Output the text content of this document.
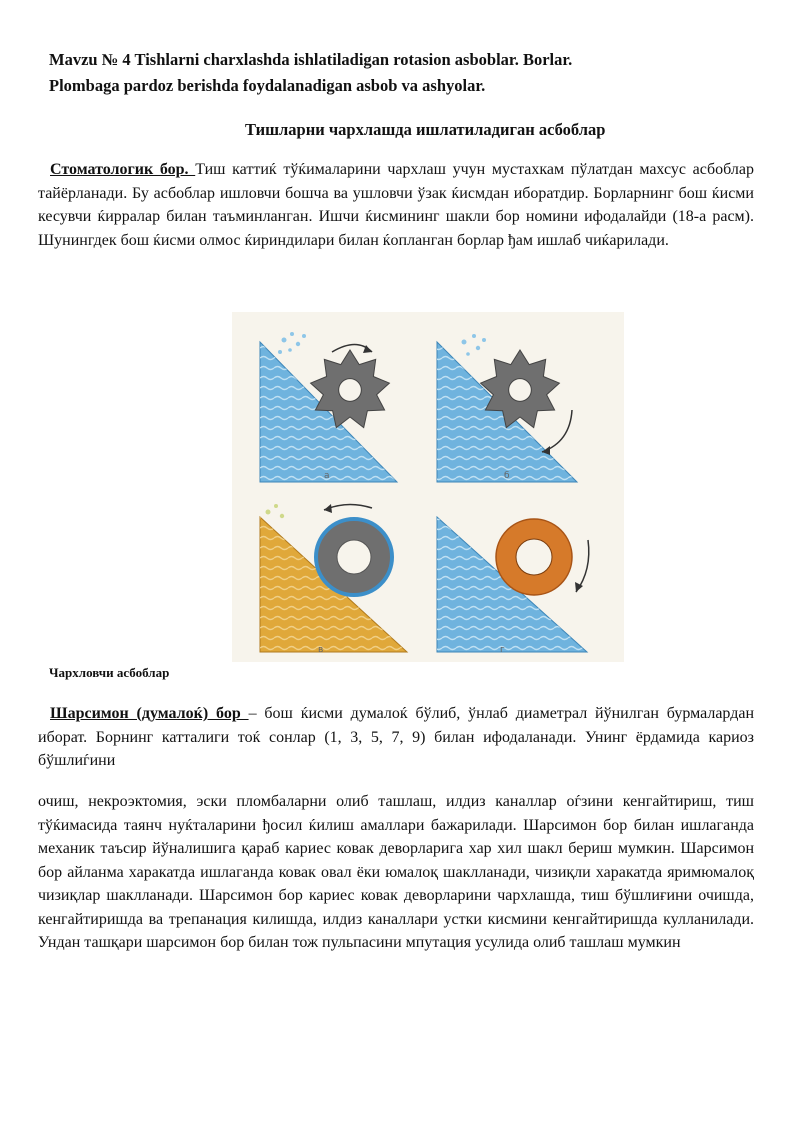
Mavzu № 4 Tishlarni charxlashda ishlatiladigan rotasion asboblar. Borlar.
Plombaga pardoz berishda foydalanadigan asbob va ashyolar.
Тишларни чархлашда ишлатиладиган асбоблар
Стоматологик бор. Тиш каттиќ тўќималарини чархлаш учун мустахкам пўлатдан махсус асбоблар тайёрланади. Бу асбоблар ишловчи бошча ва ушловчи ўзак ќисмдан иборатдир. Борларнинг бош ќисми кесувчи ќирралар билан таъминланган. Ишчи ќисмининг шакли бор номини ифодалайди (18-а расм). Шунингдек бош ќисми олмос ќириндилари билан ќопланган борлар ђам ишлаб чиќарилади.
а	б
в	г
Чархловчи асбоблар
Шарсимон (думалоќ) бор – бош ќисми думалоќ бўлиб, ўнлаб диаметрал йўнилган бурмалардан иборат. Борнинг катталиги тоќ сонлар (1, 3, 5, 7, 9) билан ифодаланади. Унинг ёрдамида кариоз бўшлиѓини
очиш, некроэктомия, эски пломбаларни олиб ташлаш, илдиз каналлар оѓзини кенгайтириш, тиш тўќимасида таянч нуќталарини ђосил ќилиш амаллари бажарилади. Шарсимон бор билан ишлаганда механик таъсир йўналишига қараб кариес ковак деворларига хар хил шакл бериш мумкин. Шарсимон бор айланма харакатда ишлаганда ковак овал ёки юмалоқ шаклланади, чизиқли харакатда яримюмалоқ чизиқлар шаклланади. Шарсимон бор кариес ковак деворларини чархлашда, тиш бўшлиғини очишда, кенгайтиришда ва трепанация килишда, илдиз каналлари устки кисмини кенгайтиришда кулланилади. Ундан ташқари шарсимон бор билан тож пульпасини мпутация усулида олиб ташлаш мумкин
